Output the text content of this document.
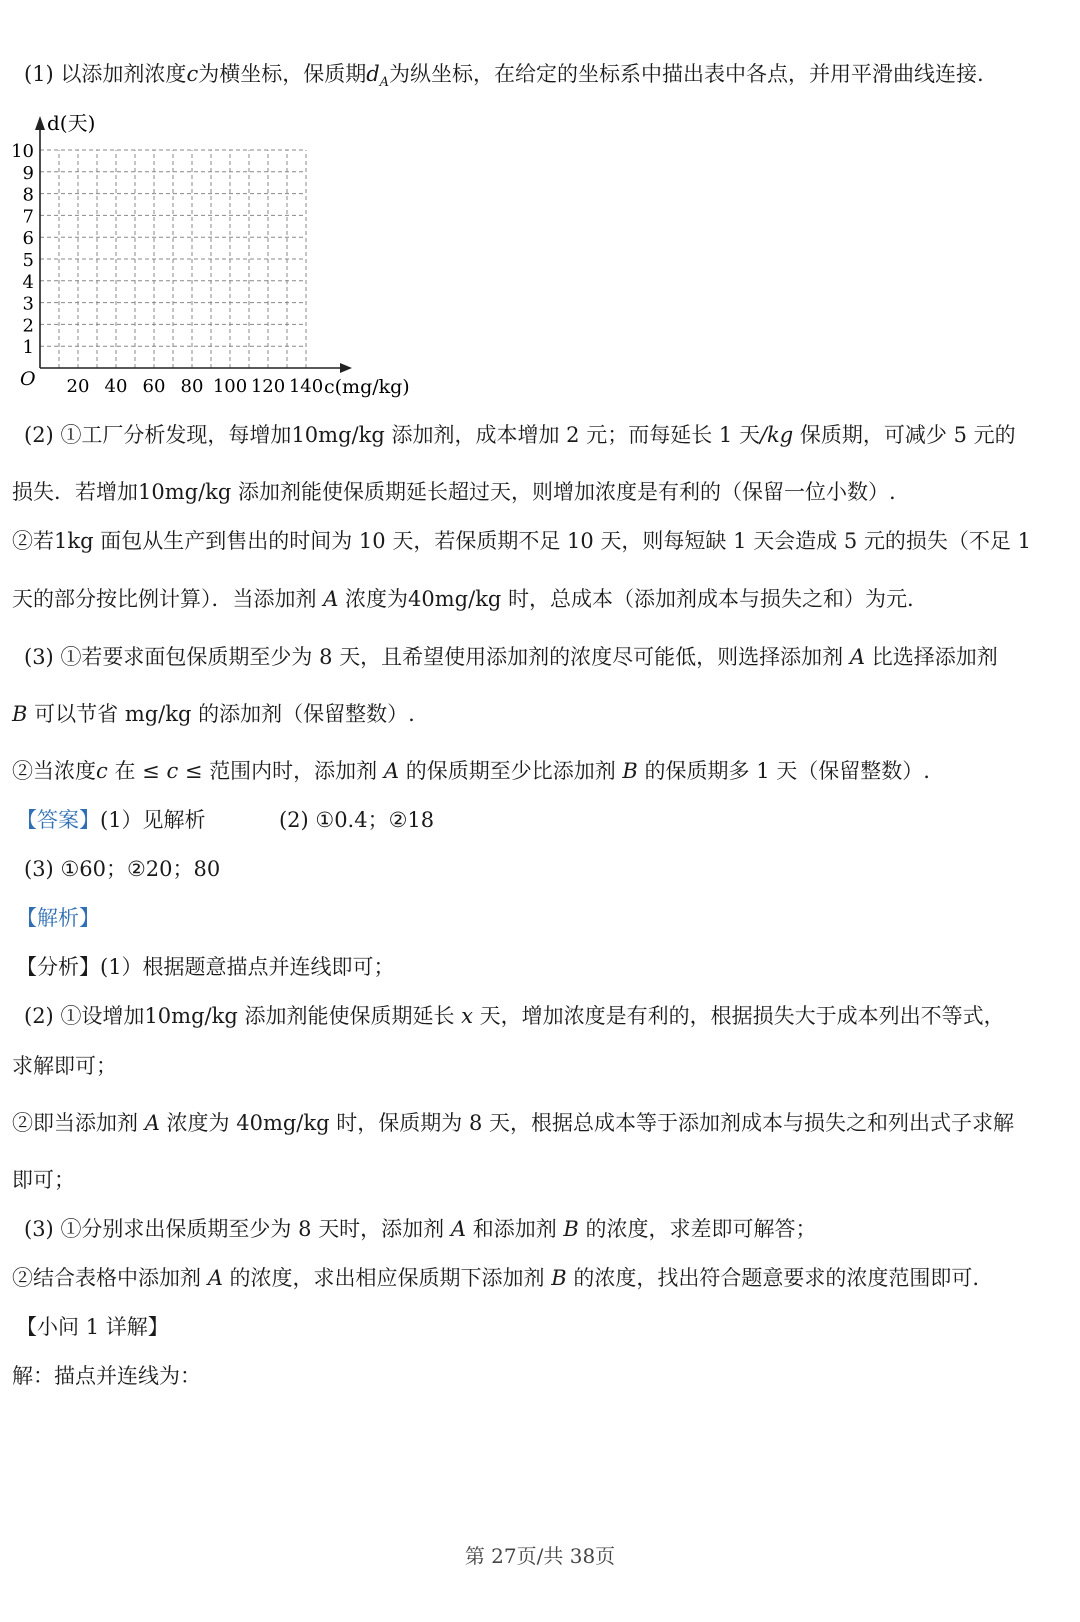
(1) 以添加剂浓度c为横坐标，保质期$d_A$为纵坐标，在给定的坐标系中描出表中各点，并用平滑曲线连接.
d(天)
c(mg/kg)
O 20 40 60 80 100 120 140
1
2
3
4
5
6
7
8
9
10
(2) ①工厂分析发现，每增加10mg/kg 添加剂，成本增加 2 元；而每延长 1 天/kg 保质期，可减少 5 元的
损失．若增加10mg/kg 添加剂能使保质期延长超过天，则增加浓度是有利的（保留一位小数）.
②若1kg 面包从生产到售出的时间为 10 天，若保质期不足 10 天，则每短缺 1 天会造成 5 元的损失（不足 1
天的部分按比例计算）．当添加剂 A 浓度为40mg/kg 时，总成本（添加剂成本与损失之和）为元.
(3) ①若要求面包保质期至少为 8 天，且希望使用添加剂的浓度尽可能低，则选择添加剂 A 比选择添加剂
B 可以节省 mg/kg 的添加剂（保留整数）.
②当浓度c 在 ≤ c ≤ 范围内时，添加剂 A 的保质期至少比添加剂 B 的保质期多 1 天（保留整数）.
【答案】(1）见解析	(2) ①0.4；②18
(3) ①60；②20；80
【解析】
【分析】(1）根据题意描点并连线即可；
(2) ①设增加10mg/kg 添加剂能使保质期延长 x 天，增加浓度是有利的，根据损失大于成本列出不等式，
求解即可；
②即当添加剂 A 浓度为 40mg/kg 时，保质期为 8 天，根据总成本等于添加剂成本与损失之和列出式子求解
即可；
(3) ①分别求出保质期至少为 8 天时，添加剂 A 和添加剂 B 的浓度，求差即可解答；
②结合表格中添加剂 A 的浓度，求出相应保质期下添加剂 B 的浓度，找出符合题意要求的浓度范围即可.
【小问 1 详解】
解：描点并连线为：
第 27页/共 38页
